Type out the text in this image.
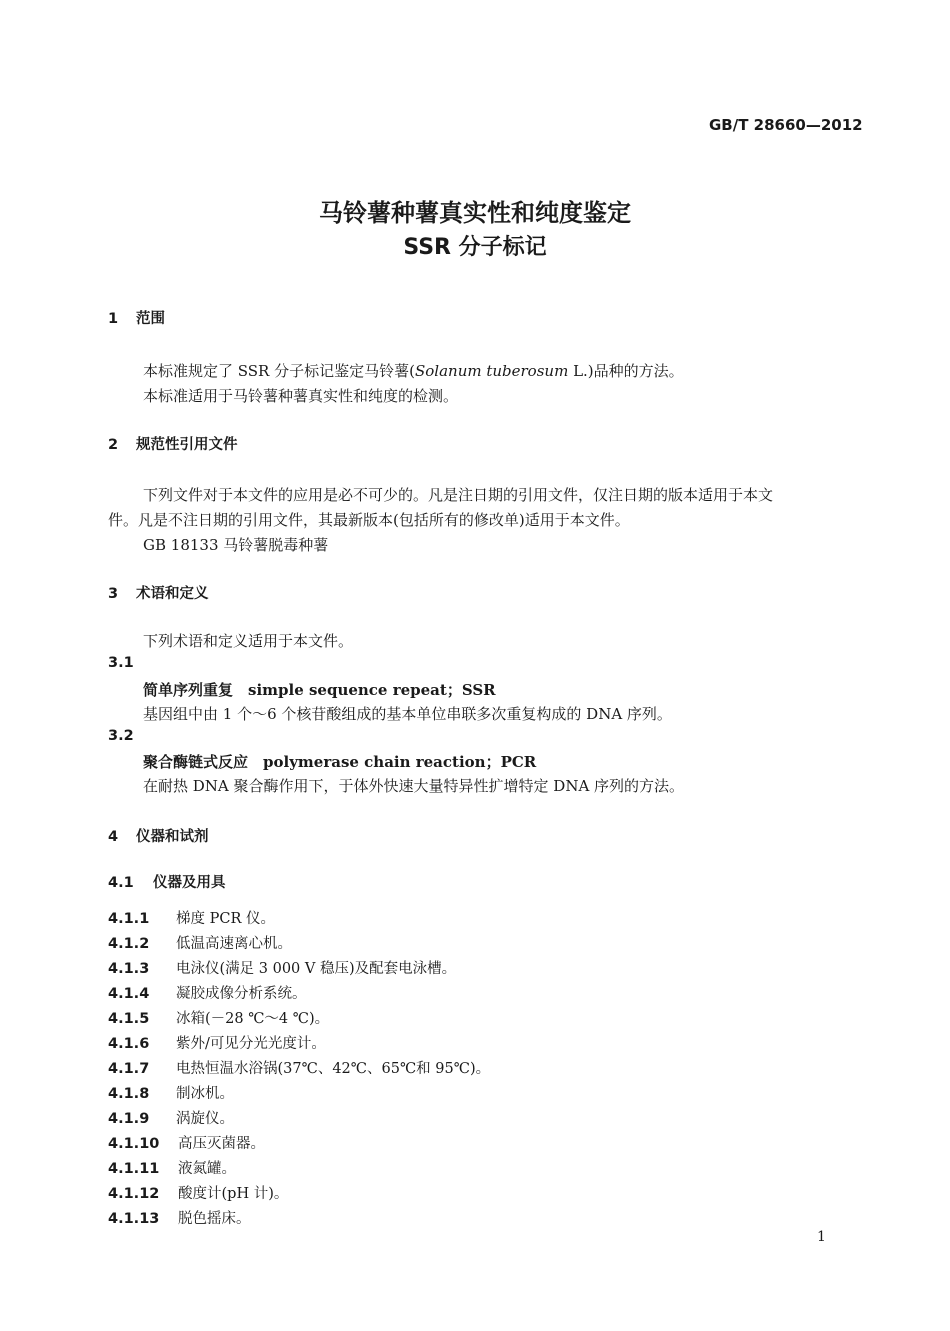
GB/T 28660—2012
马铃薯种薯真实性和纯度鉴定
SSR 分子标记
1 范围
本标准规定了 SSR 分子标记鉴定马铃薯(Solanum tuberosum L.)品种的方法。
本标准适用于马铃薯种薯真实性和纯度的检测。
2 规范性引用文件
下列文件对于本文件的应用是必不可少的。凡是注日期的引用文件，仅注日期的版本适用于本文
件。凡是不注日期的引用文件，其最新版本(包括所有的修改单)适用于本文件。
GB 18133 马铃薯脱毒种薯
3 术语和定义
下列术语和定义适用于本文件。
3.1
简单序列重复　simple sequence repeat；SSR
基因组中由 1 个～6 个核苷酸组成的基本单位串联多次重复构成的 DNA 序列。
3.2
聚合酶链式反应　polymerase chain reaction；PCR
在耐热 DNA 聚合酶作用下，于体外快速大量特异性扩增特定 DNA 序列的方法。
4 仪器和试剂
4.1 仪器及用具
4.1.1 梯度 PCR 仪。
4.1.2 低温高速离心机。
4.1.3 电泳仪(满足 3 000 V 稳压)及配套电泳槽。
4.1.4 凝胶成像分析系统。
4.1.5 冰箱(－28 ℃～4 ℃)。
4.1.6 紫外/可见分光光度计。
4.1.7 电热恒温水浴锅(37℃、42℃、65℃和 95℃)。
4.1.8 制冰机。
4.1.9 涡旋仪。
4.1.10 高压灭菌器。
4.1.11 液氮罐。
4.1.12 酸度计(pH 计)。
4.1.13 脱色摇床。
1
